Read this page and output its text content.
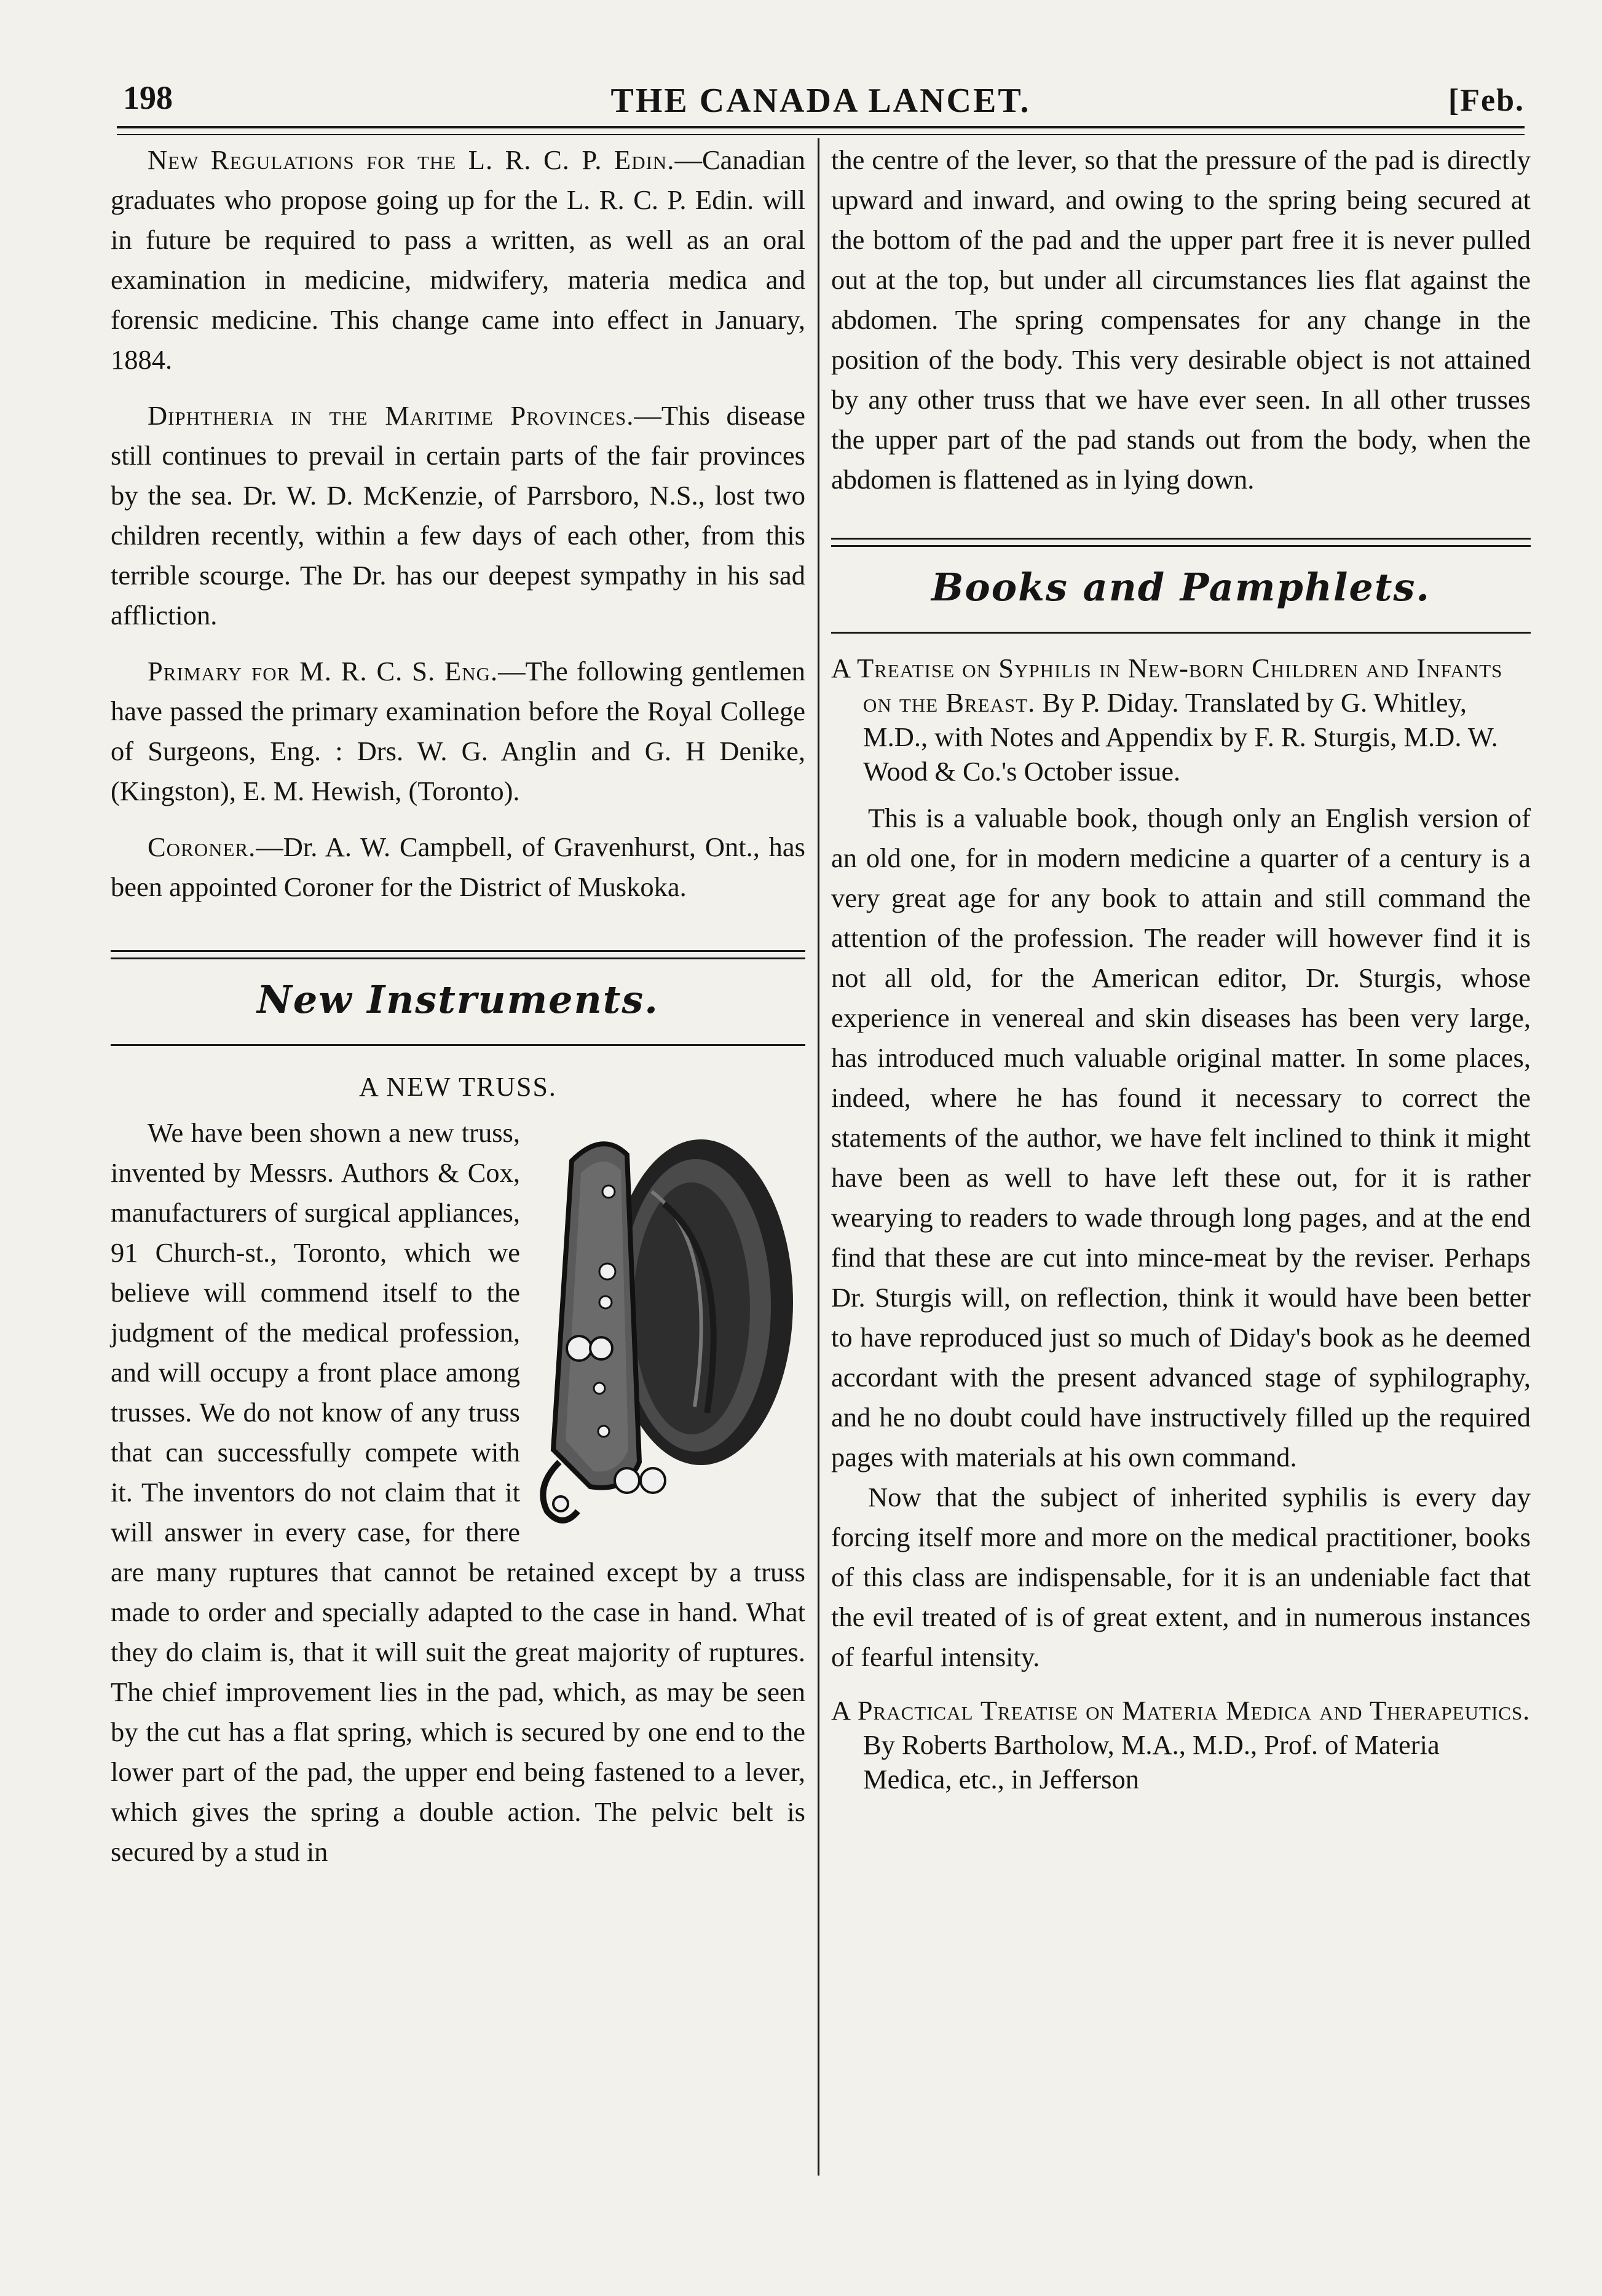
198	THE CANADA LANCET.	[Feb.

New Regulations for the L. R. C. P. Edin.—Canadian graduates who propose going up for the L. R. C. P. Edin. will in future be required to pass a written, as well as an oral examination in medicine, midwifery, materia medica and forensic medicine. This change came into effect in January, 1884.

Diphtheria in the Maritime Provinces.—This disease still continues to prevail in certain parts of the fair provinces by the sea. Dr. W. D. McKenzie, of Parrsboro, N.S., lost two children recently, within a few days of each other, from this terrible scourge. The Dr. has our deepest sympathy in his sad affliction.

Primary for M. R. C. S. Eng.—The following gentlemen have passed the primary examination before the Royal College of Surgeons, Eng. : Drs. W. G. Anglin and G. H Denike, (Kingston), E. M. Hewish, (Toronto).

Coroner.—Dr. A. W. Campbell, of Gravenhurst, Ont., has been appointed Coroner for the District of Muskoka.

New Instruments.

A NEW TRUSS.

We have been shown a new truss, invented by Messrs. Authors & Cox, manufacturers of surgical appliances, 91 Church-st., Toronto, which we believe will commend itself to the judgment of the medical profession, and will occupy a front place among trusses. We do not know of any truss that can successfully compete with it. The inventors do not claim that it will answer in every case, for there are many ruptures that cannot be retained except by a truss made to order and specially adapted to the case in hand. What they do claim is, that it will suit the great majority of ruptures. The chief improvement lies in the pad, which, as may be seen by the cut has a flat spring, which is secured by one end to the lower part of the pad, the upper end being fastened to a lever, which gives the spring a double action. The pelvic belt is secured by a stud in

the centre of the lever, so that the pressure of the pad is directly upward and inward, and owing to the spring being secured at the bottom of the pad and the upper part free it is never pulled out at the top, but under all circumstances lies flat against the abdomen. The spring compensates for any change in the position of the body. This very desirable object is not attained by any other truss that we have ever seen. In all other trusses the upper part of the pad stands out from the body, when the abdomen is flattened as in lying down.

Books and Pamphlets.

A Treatise on Syphilis in New-born Children and Infants on the Breast. By P. Diday. Translated by G. Whitley, M.D., with Notes and Appendix by F. R. Sturgis, M.D. W. Wood & Co.'s October issue.

This is a valuable book, though only an English version of an old one, for in modern medicine a quarter of a century is a very great age for any book to attain and still command the attention of the profession. The reader will however find it is not all old, for the American editor, Dr. Sturgis, whose experience in venereal and skin diseases has been very large, has introduced much valuable original matter. In some places, indeed, where he has found it necessary to correct the statements of the author, we have felt inclined to think it might have been as well to have left these out, for it is rather wearying to readers to wade through long pages, and at the end find that these are cut into mince-meat by the reviser. Perhaps Dr. Sturgis will, on reflection, think it would have been better to have reproduced just so much of Diday's book as he deemed accordant with the present advanced stage of syphilography, and he no doubt could have instructively filled up the required pages with materials at his own command.

Now that the subject of inherited syphilis is every day forcing itself more and more on the medical practitioner, books of this class are indispensable, for it is an undeniable fact that the evil treated of is of great extent, and in numerous instances of fearful intensity.

A Practical Treatise on Materia Medica and Therapeutics. By Roberts Bartholow, M.A., M.D., Prof. of Materia Medica, etc., in Jefferson
